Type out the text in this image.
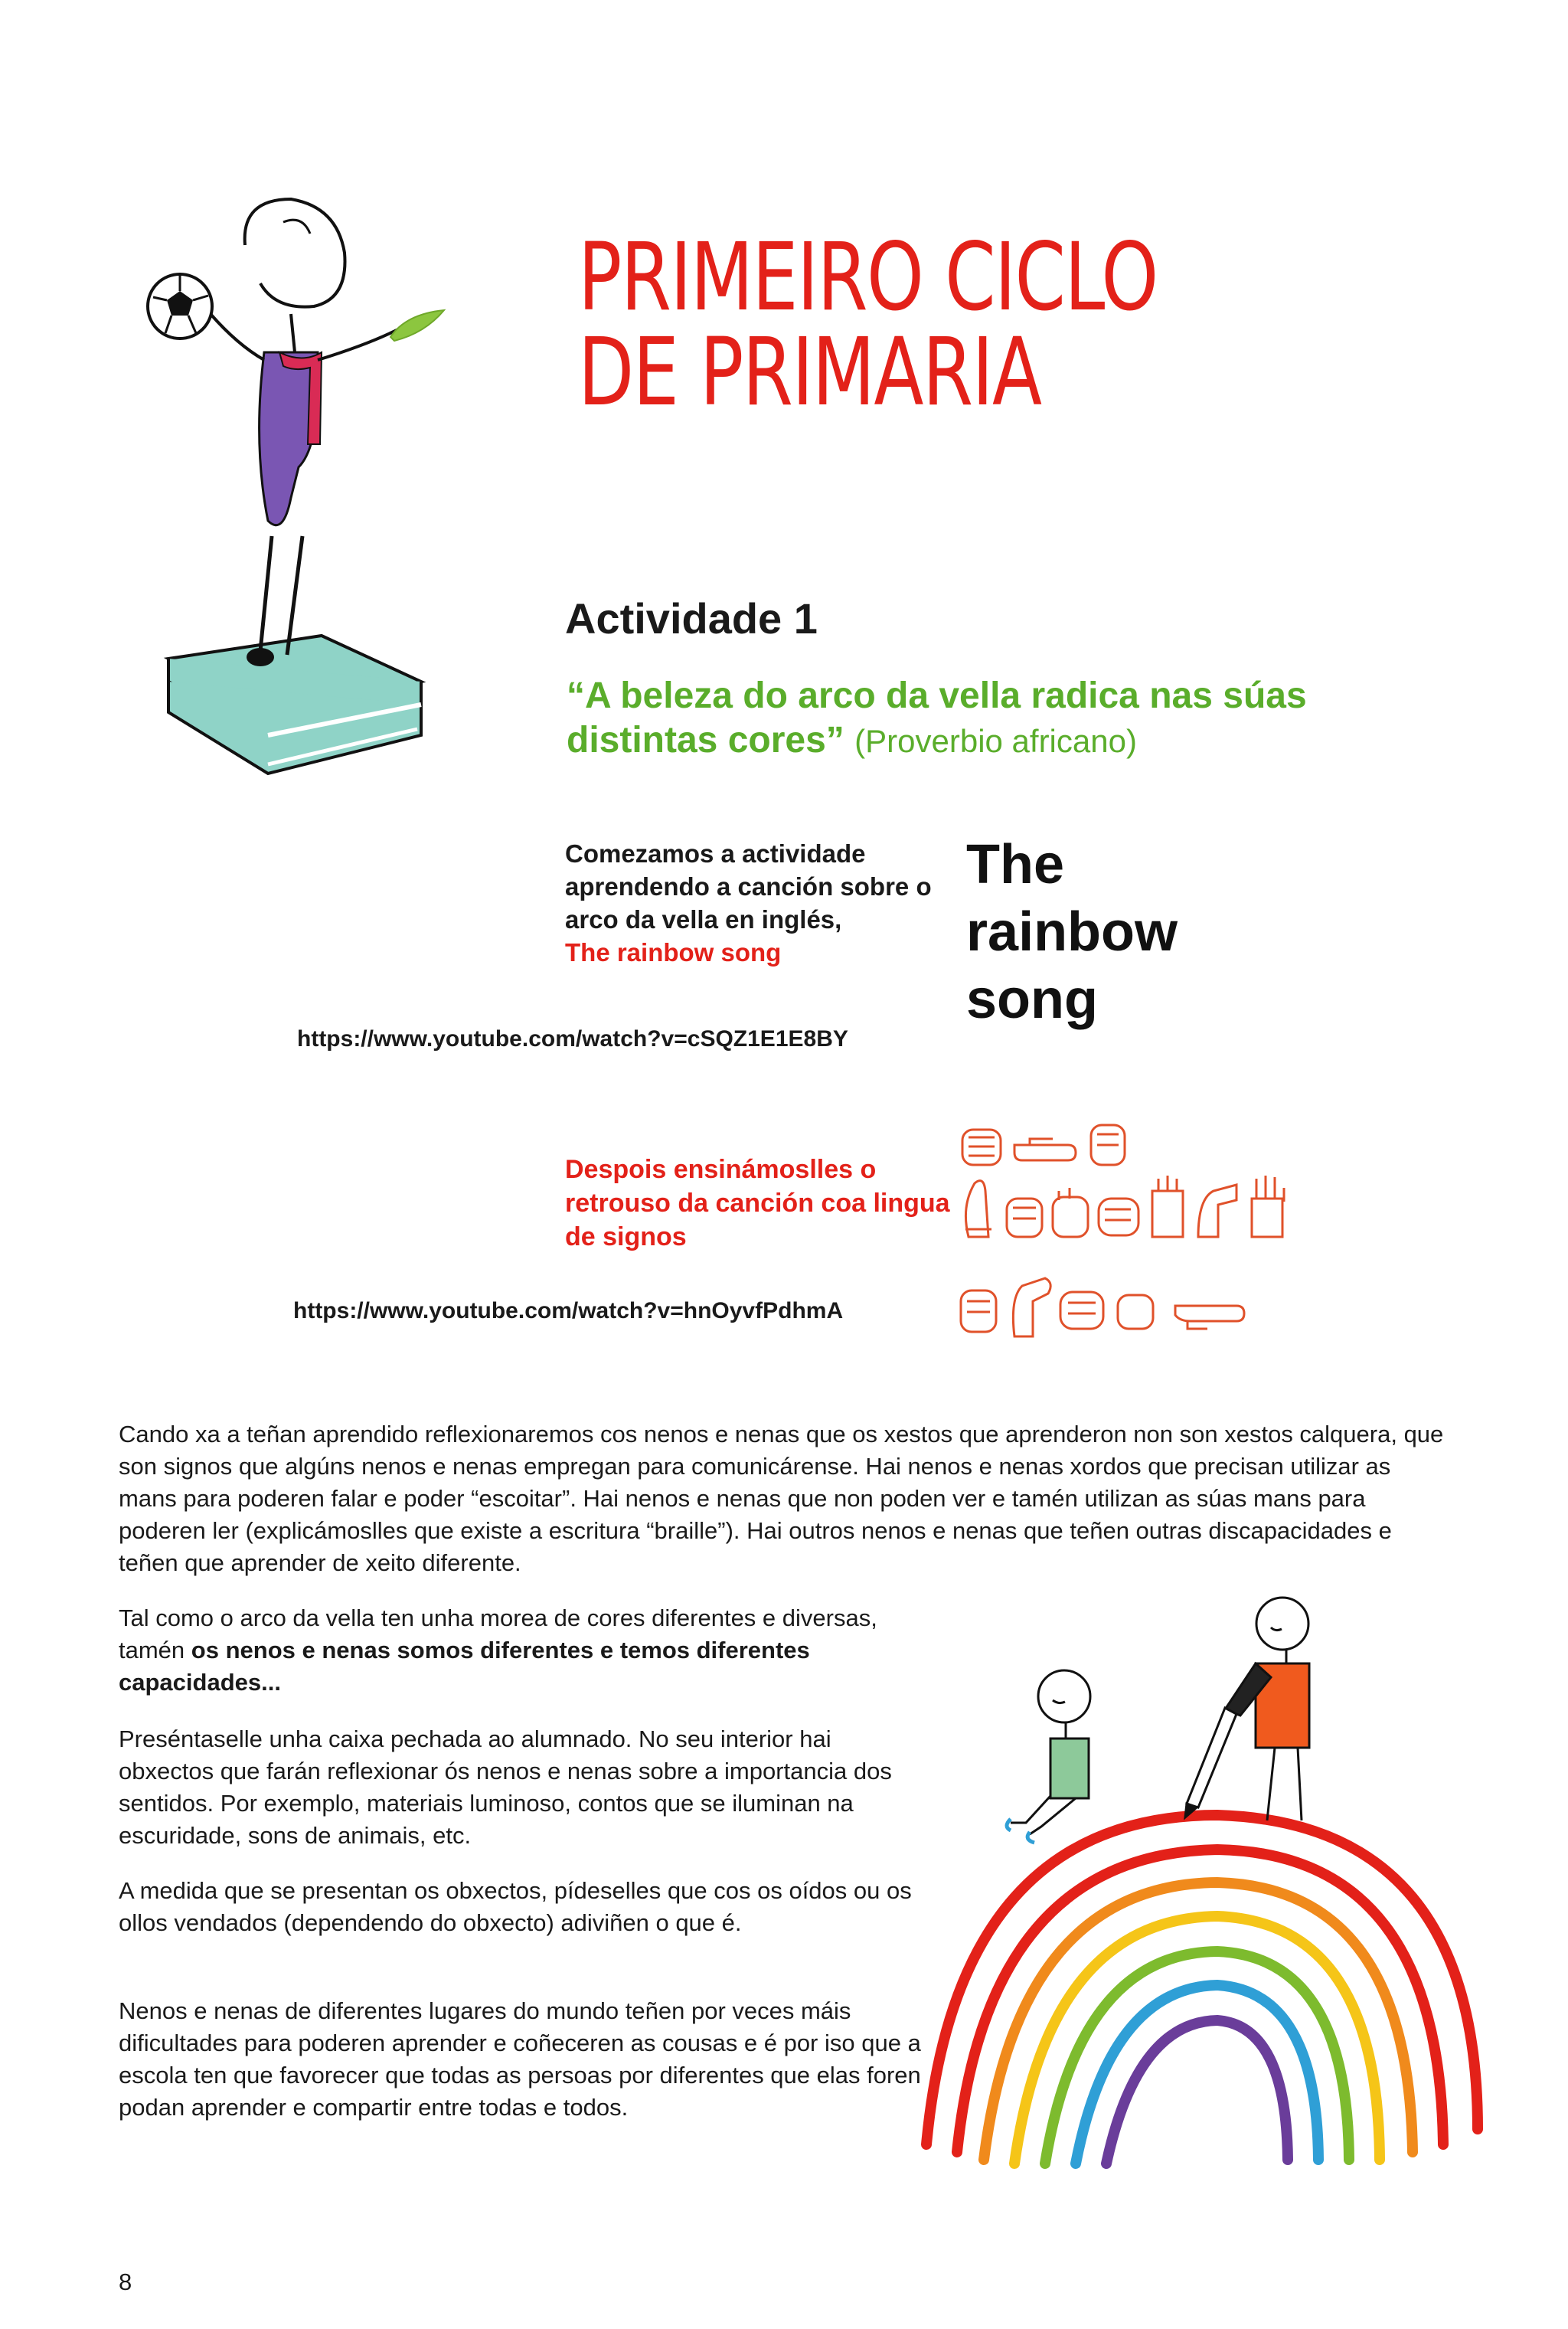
PRIMEIRO CICLO
DE PRIMARIA
Actividade 1
“A beleza do arco da vella radica nas súas distintas cores” (Proverbio africano)
Comezamos a actividade aprendendo a canción sobre o arco da vella en inglés,
The rainbow song
https://www.youtube.com/watch?v=cSQZ1E1E8BY
The
rainbow
song
Despois ensinámoslles o retrouso da canción coa lingua de signos
https://www.youtube.com/watch?v=hnOyvfPdhmA
Cando xa a teñan aprendido reflexionaremos cos nenos e nenas que os xestos que aprenderon non son xestos calquera, que son signos que algúns nenos e nenas empregan para comunicárense. Hai nenos e nenas xordos que precisan utilizar as mans para poderen falar e poder “escoitar”. Hai nenos e nenas que non poden ver e tamén utilizan as súas mans para poderen ler (explicámoslles que existe a escritura “braille”). Hai outros nenos e nenas que teñen outras discapacidades e teñen que aprender de xeito diferente.
Tal como o arco da vella ten unha morea de cores diferentes e diversas, tamén os nenos e nenas somos diferentes e temos diferentes capacidades...
Preséntaselle unha caixa pechada ao alumnado. No seu interior hai obxectos que farán reflexionar ós nenos e nenas sobre a importancia dos sentidos. Por exemplo, materiais luminoso, contos que se iluminan na escuridade, sons de animais, etc.
A medida que se presentan os obxectos, pídeselles que cos os oídos ou os ollos vendados (dependendo do obxecto) adiviñen o que é.
Nenos e nenas de diferentes lugares do mundo teñen por veces máis dificultades para poderen aprender e coñeceren as cousas e é por iso que a escola ten que favorecer que todas as persoas por diferentes que elas foren podan aprender e compartir entre todas e todos.
8
